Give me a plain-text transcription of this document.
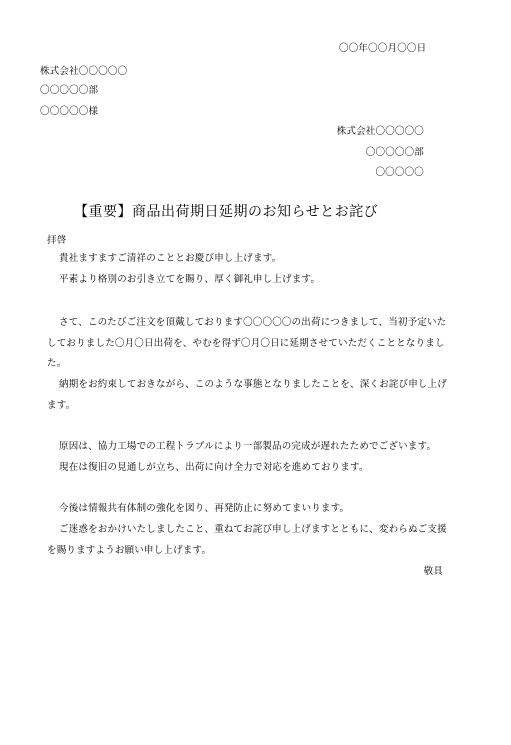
〇〇年〇〇月〇〇日
株式会社〇〇〇〇〇
〇〇〇〇〇部
〇〇〇〇〇様
株式会社〇〇〇〇〇
〇〇〇〇〇部
〇〇〇〇〇
【重要】商品出荷期日延期のお知らせとお詫び
拝啓
貴社ますますご清祥のこととお慶び申し上げます。
平素より格別のお引き立てを賜り、厚く御礼申し上げます。
さて、このたびご注文を頂戴しております〇〇〇〇〇の出荷につきまして、当初予定いた
しておりました〇月〇日出荷を、やむを得ず〇月〇日に延期させていただくこととなりまし
た。
納期をお約束しておきながら、このような事態となりましたことを、深くお詫び申し上げ
ます。
原因は、協力工場での工程トラブルにより一部製品の完成が遅れたためでございます。
現在は復旧の見通しが立ち、出荷に向け全力で対応を進めております。
今後は情報共有体制の強化を図り、再発防止に努めてまいります。
ご迷惑をおかけいたしましたこと、重ねてお詫び申し上げますとともに、変わらぬご支援
を賜りますようお願い申し上げます。
敬具
